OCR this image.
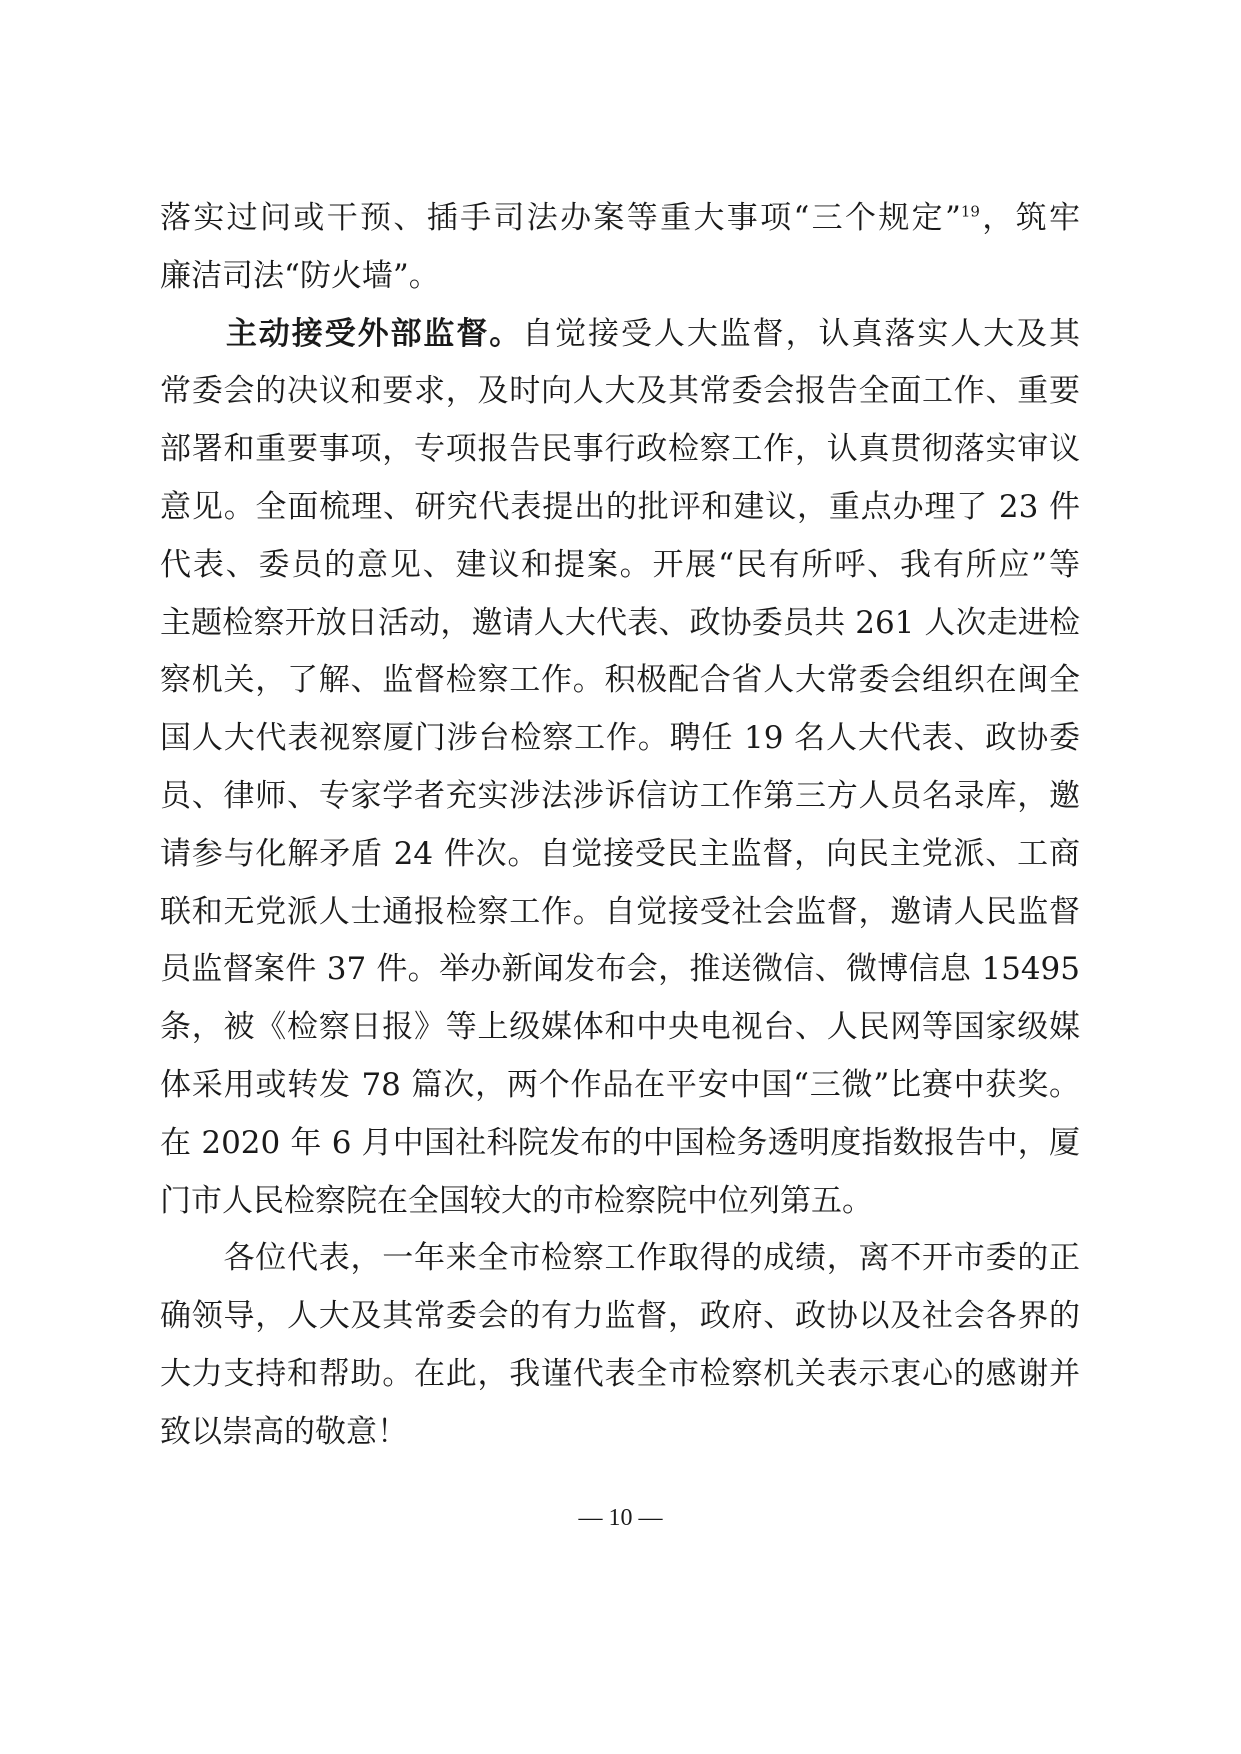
落实过问或干预、插手司法办案等重大事项“三个规定”$^{19}$，筑牢
廉洁司法“防火墙”。
　　主动接受外部监督。自觉接受人大监督，认真落实人大及其
常委会的决议和要求，及时向人大及其常委会报告全面工作、重要
部署和重要事项，专项报告民事行政检察工作，认真贯彻落实审议
意见。全面梳理、研究代表提出的批评和建议，重点办理了 23 件
代表、委员的意见、建议和提案。开展“民有所呼、我有所应”等
主题检察开放日活动，邀请人大代表、政协委员共 261 人次走进检
察机关，了解、监督检察工作。积极配合省人大常委会组织在闽全
国人大代表视察厦门涉台检察工作。聘任 19 名人大代表、政协委
员、律师、专家学者充实涉法涉诉信访工作第三方人员名录库，邀
请参与化解矛盾 24 件次。自觉接受民主监督，向民主党派、工商
联和无党派人士通报检察工作。自觉接受社会监督，邀请人民监督
员监督案件 37 件。举办新闻发布会，推送微信、微博信息 15495
条，被《检察日报》等上级媒体和中央电视台、人民网等国家级媒
体采用或转发 78 篇次，两个作品在平安中国“三微”比赛中获奖。
在 2020 年 6 月中国社科院发布的中国检务透明度指数报告中，厦
门市人民检察院在全国较大的市检察院中位列第五。
　　各位代表，一年来全市检察工作取得的成绩，离不开市委的正
确领导，人大及其常委会的有力监督，政府、政协以及社会各界的
大力支持和帮助。在此，我谨代表全市检察机关表示衷心的感谢并
致以崇高的敬意！
— 10 —
